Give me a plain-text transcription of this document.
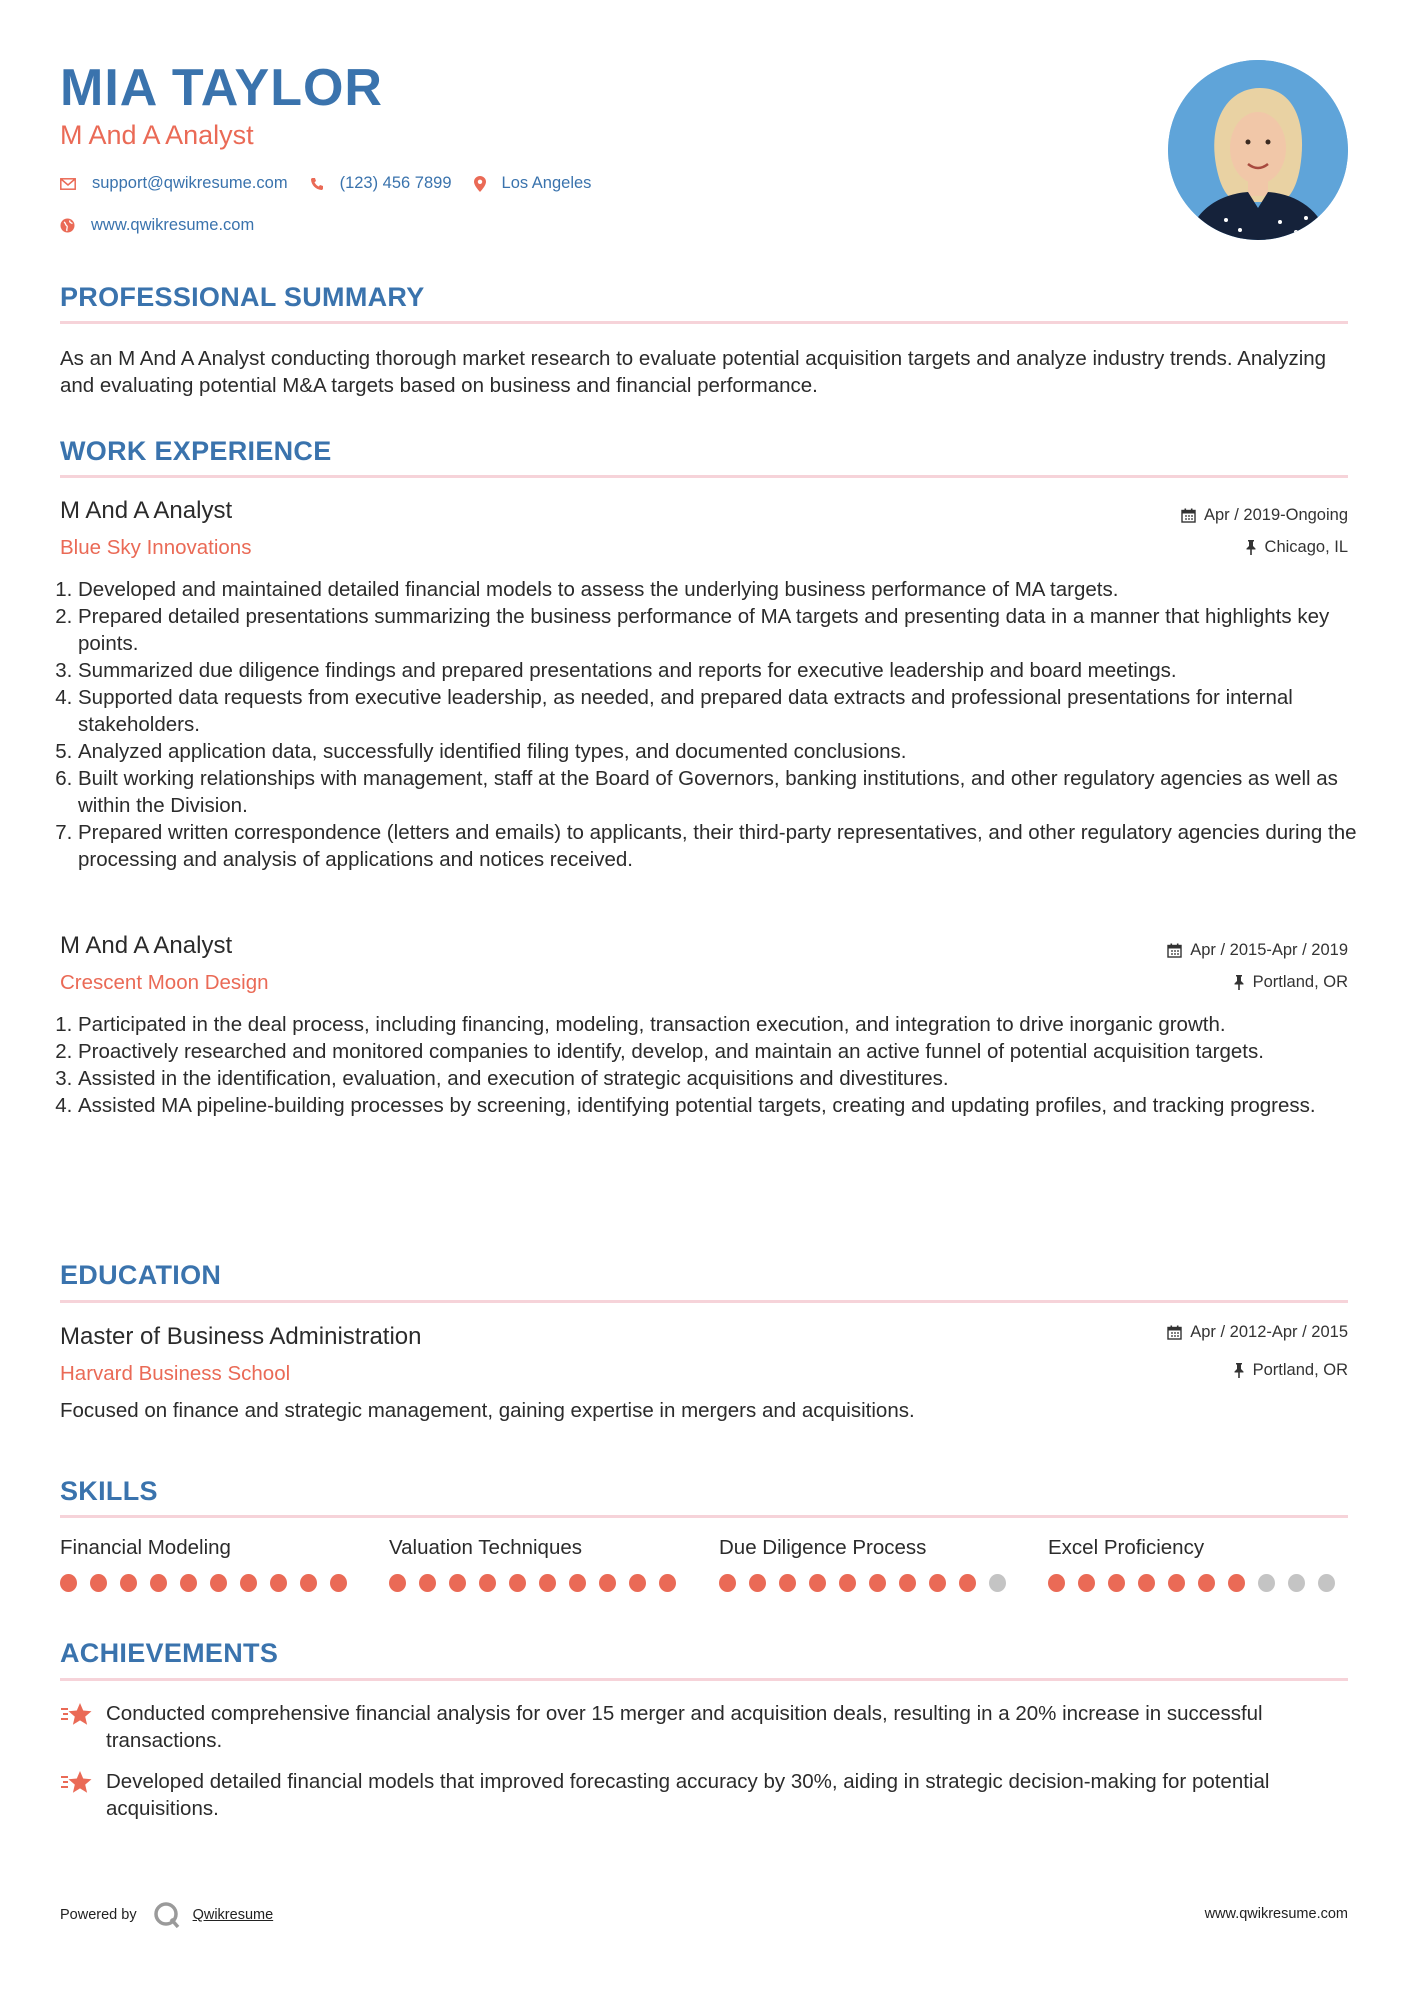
MIA TAYLOR
M And A Analyst
support@qwikresume.com	(123) 456 7899	Los Angeles
www.qwikresume.com
PROFESSIONAL SUMMARY
As an M And A Analyst conducting thorough market research to evaluate potential acquisition targets and analyze industry trends. Analyzing and evaluating potential M&A targets based on business and financial performance.
WORK EXPERIENCE
M And A Analyst
Blue Sky Innovations
Apr / 2019-Ongoing
Chicago, IL
1. Developed and maintained detailed financial models to assess the underlying business performance of MA targets.
2. Prepared detailed presentations summarizing the business performance of MA targets and presenting data in a manner that highlights key points.
3. Summarized due diligence findings and prepared presentations and reports for executive leadership and board meetings.
4. Supported data requests from executive leadership, as needed, and prepared data extracts and professional presentations for internal stakeholders.
5. Analyzed application data, successfully identified filing types, and documented conclusions.
6. Built working relationships with management, staff at the Board of Governors, banking institutions, and other regulatory agencies as well as within the Division.
7. Prepared written correspondence (letters and emails) to applicants, their third-party representatives, and other regulatory agencies during the processing and analysis of applications and notices received.
M And A Analyst
Crescent Moon Design
Apr / 2015-Apr / 2019
Portland, OR
1. Participated in the deal process, including financing, modeling, transaction execution, and integration to drive inorganic growth.
2. Proactively researched and monitored companies to identify, develop, and maintain an active funnel of potential acquisition targets.
3. Assisted in the identification, evaluation, and execution of strategic acquisitions and divestitures.
4. Assisted MA pipeline-building processes by screening, identifying potential targets, creating and updating profiles, and tracking progress.
EDUCATION
Master of Business Administration
Harvard Business School
Apr / 2012-Apr / 2015
Portland, OR
Focused on finance and strategic management, gaining expertise in mergers and acquisitions.
SKILLS
Financial Modeling	Valuation Techniques	Due Diligence Process	Excel Proficiency
ACHIEVEMENTS
Conducted comprehensive financial analysis for over 15 merger and acquisition deals, resulting in a 20% increase in successful transactions.
Developed detailed financial models that improved forecasting accuracy by 30%, aiding in strategic decision-making for potential acquisitions.
Powered by	Qwikresume	www.qwikresume.com
